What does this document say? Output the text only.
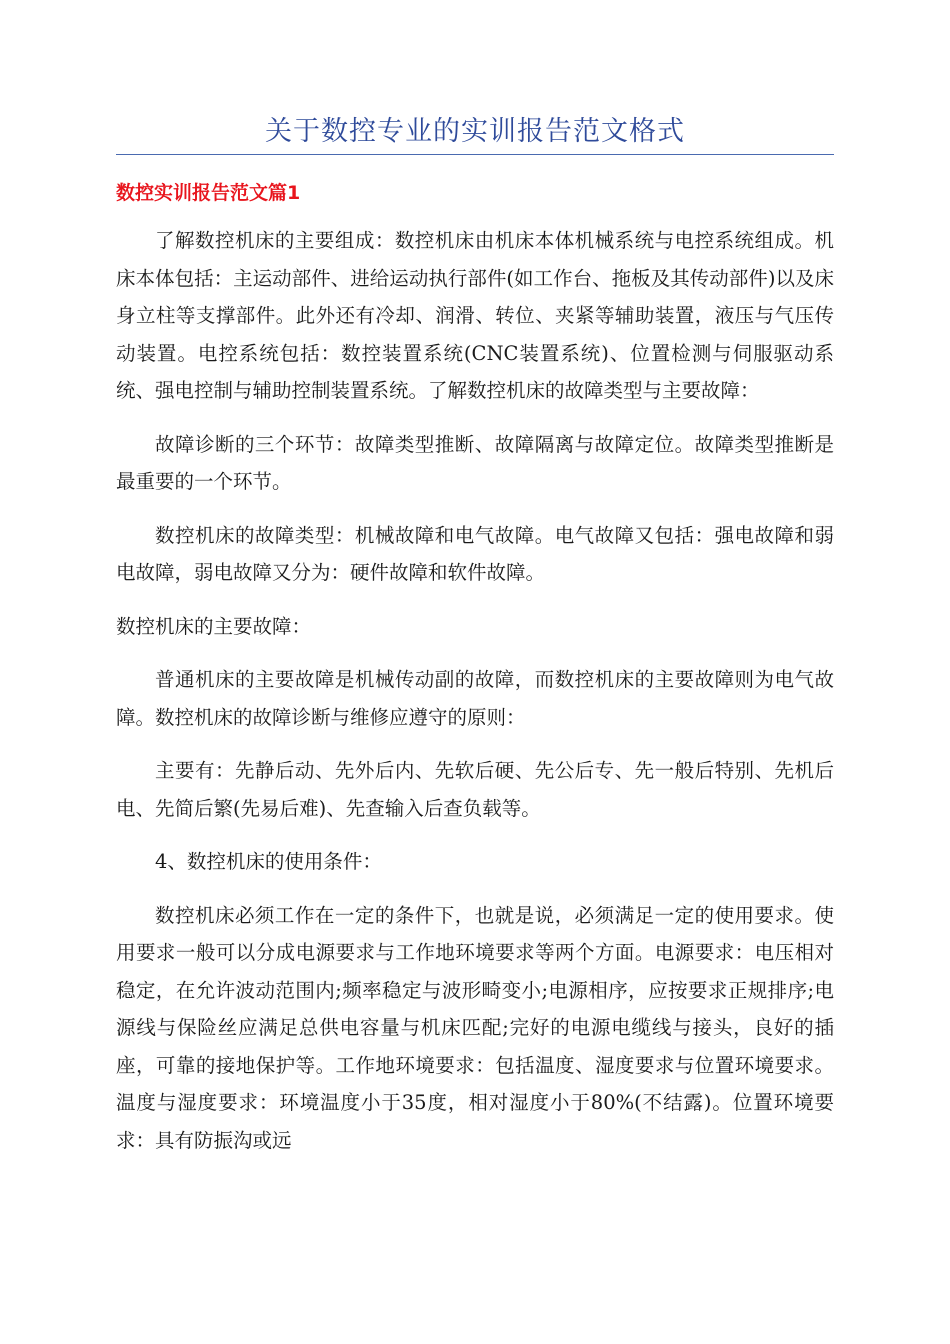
关于数控专业的实训报告范文格式
数控实训报告范文篇1

了解数控机床的主要组成：数控机床由机床本体机械系统与电控系统组成。机床本体包括：主运动部件、进给运动执行部件(如工作台、拖板及其传动部件)以及床身立柱等支撑部件。此外还有冷却、润滑、转位、夹紧等辅助装置，液压与气压传动装置。电控系统包括：数控装置系统(CNC装置系统)、位置检测与伺服驱动系统、强电控制与辅助控制装置系统。了解数控机床的故障类型与主要故障：

故障诊断的三个环节：故障类型推断、故障隔离与故障定位。故障类型推断是最重要的一个环节。

数控机床的故障类型：机械故障和电气故障。电气故障又包括：强电故障和弱电故障，弱电故障又分为：硬件故障和软件故障。

数控机床的主要故障：

普通机床的主要故障是机械传动副的故障，而数控机床的主要故障则为电气故障。数控机床的故障诊断与维修应遵守的原则：

主要有：先静后动、先外后内、先软后硬、先公后专、先一般后特别、先机后电、先简后繁(先易后难)、先查输入后查负载等。

4、数控机床的使用条件：

数控机床必须工作在一定的条件下，也就是说，必须满足一定的使用要求。使用要求一般可以分成电源要求与工作地环境要求等两个方面。电源要求：电压相对稳定，在允许波动范围内;频率稳定与波形畸变小;电源相序，应按要求正规排序;电源线与保险丝应满足总供电容量与机床匹配;完好的电源电缆线与接头，良好的插座，可靠的接地保护等。工作地环境要求：包括温度、湿度要求与位置环境要求。温度与湿度要求：环境温度小于35度，相对湿度小于80%(不结露)。位置环境要求：具有防振沟或远
